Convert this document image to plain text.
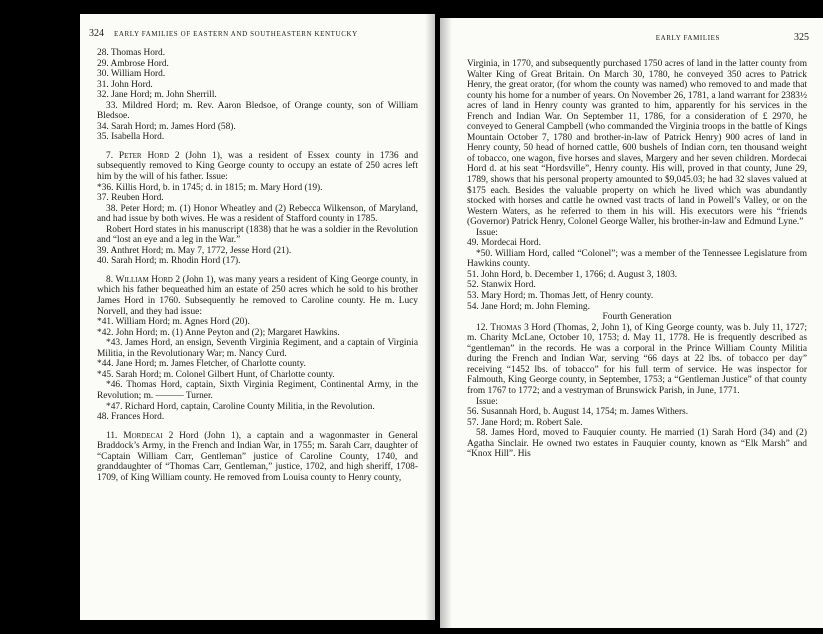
324 EARLY FAMILIES OF EASTERN AND SOUTHEASTERN KENTUCKY
28. Thomas Hord.
29. Ambrose Hord.
30. William Hord.
31. John Hord.
32. Jane Hord; m. John Sherrill.
33. Mildred Hord; m. Rev. Aaron Bledsoe, of Orange county, son of William Bledsoe.
34. Sarah Hord; m. James Hord (58).
35. Isabella Hord.
7. Peter Hord 2 (John 1), was a resident of Essex county in 1736 and subsequently removed to King George county to occupy an estate of 250 acres left him by the will of his father. Issue:
*36. Killis Hord, b. in 1745; d. in 1815; m. Mary Hord (19).
37. Reuben Hord.
38. Peter Hord; m. (1) Honor Wheatley and (2) Rebecca Wilkenson, of Maryland, and had issue by both wives. He was a resident of Stafford county in 1785.
Robert Hord states in his manuscript (1838) that he was a soldier in the Revolution and “lost an eye and a leg in the War.”
39. Anthret Hord; m. May 7, 1772, Jesse Hord (21).
40. Sarah Hord; m. Rhodin Hord (17).
8. William Hord 2 (John 1), was many years a resident of King George county, in which his father bequeathed him an estate of 250 acres which he sold to his brother James Hord in 1760. Subsequently he removed to Caroline county. He m. Lucy Norvell, and they had issue:
*41. William Hord; m. Agnes Hord (20).
*42. John Hord; m. (1) Anne Peyton and (2); Margaret Hawkins.
*43. James Hord, an ensign, Seventh Virginia Regiment, and a captain of Virginia Militia, in the Revolutionary War; m. Nancy Curd.
*44. Jane Hord; m. James Fletcher, of Charlotte county.
*45. Sarah Hord; m. Colonel Gilbert Hunt, of Charlotte county.
*46. Thomas Hord, captain, Sixth Virginia Regiment, Continental Army, in the Revolution; m. ——— Turner.
*47. Richard Hord, captain, Caroline County Militia, in the Revolution.
48. Frances Hord.
11. Mordecai 2 Hord (John 1), a captain and a wagonmaster in General Braddock’s Army, in the French and Indian War, in 1755; m. Sarah Carr, daughter of “Captain William Carr, Gentleman” justice of Caroline County, 1740, and granddaughter of “Thomas Carr, Gentleman,” justice, 1702, and high sheriff, 1708-1709, of King William county. He removed from Louisa county to Henry county,
EARLY FAMILIES	325
Virginia, in 1770, and subsequently purchased 1750 acres of land in the latter county from Walter King of Great Britain. On March 30, 1780, he conveyed 350 acres to Patrick Henry, the great orator, (for whom the county was named) who removed to and made that county his home for a number of years. On November 26, 1781, a land warrant for 2383½ acres of land in Henry county was granted to him, apparently for his services in the French and Indian War. On September 11, 1786, for a consideration of £ 2970, he conveyed to General Campbell (who commanded the Virginia troops in the battle of Kings Mountain October 7, 1780 and brother-in-law of Patrick Henry) 900 acres of land in Henry county, 50 head of horned cattle, 600 bushels of Indian corn, ten thousand weight of tobacco, one wagon, five horses and slaves, Margery and her seven children. Mordecai Hord d. at his seat “Hordsville”, Henry county. His will, proved in that county, June 29, 1789, shows that his personal property amounted to $9,045.03; he had 32 slaves valued at $175 each. Besides the valuable property on which he lived which was abundantly stocked with horses and cattle he owned vast tracts of land in Powell’s Valley, or on the Western Waters, as he referred to them in his will. His executors were his “friends (Governor) Patrick Henry, Colonel George Waller, his brother-in-law and Edmund Lyne.”
Issue:
49. Mordecai Hord.
*50. William Hord, called “Colonel”; was a member of the Tennessee Legislature from Hawkins county.
51. John Hord, b. December 1, 1766; d. August 3, 1803.
52. Stanwix Hord.
53. Mary Hord; m. Thomas Jett, of Henry county.
54. Jane Hord; m. John Fleming.
Fourth Generation
12. Thomas 3 Hord (Thomas, 2, John 1), of King George county, was b. July 11, 1727; m. Charity McLane, October 10, 1753; d. May 11, 1778. He is frequently described as “gentleman” in the records. He was a corporal in the Prince William County Militia during the French and Indian War, serving “66 days at 22 lbs. of tobacco per day” receiving “1452 lbs. of tobacco” for his full term of service. He was inspector for Falmouth, King George county, in September, 1753; a “Gentleman Justice” of that county from 1767 to 1772; and a vestryman of Brunswick Parish, in June, 1771.
Issue:
56. Susannah Hord, b. August 14, 1754; m. James Withers.
57. Jane Hord; m. Robert Sale.
58. James Hord, moved to Fauquier county. He married (1) Sarah Hord (34) and (2) Agatha Sinclair. He owned two estates in Fauquier county, known as “Elk Marsh” and “Knox Hill”. His
